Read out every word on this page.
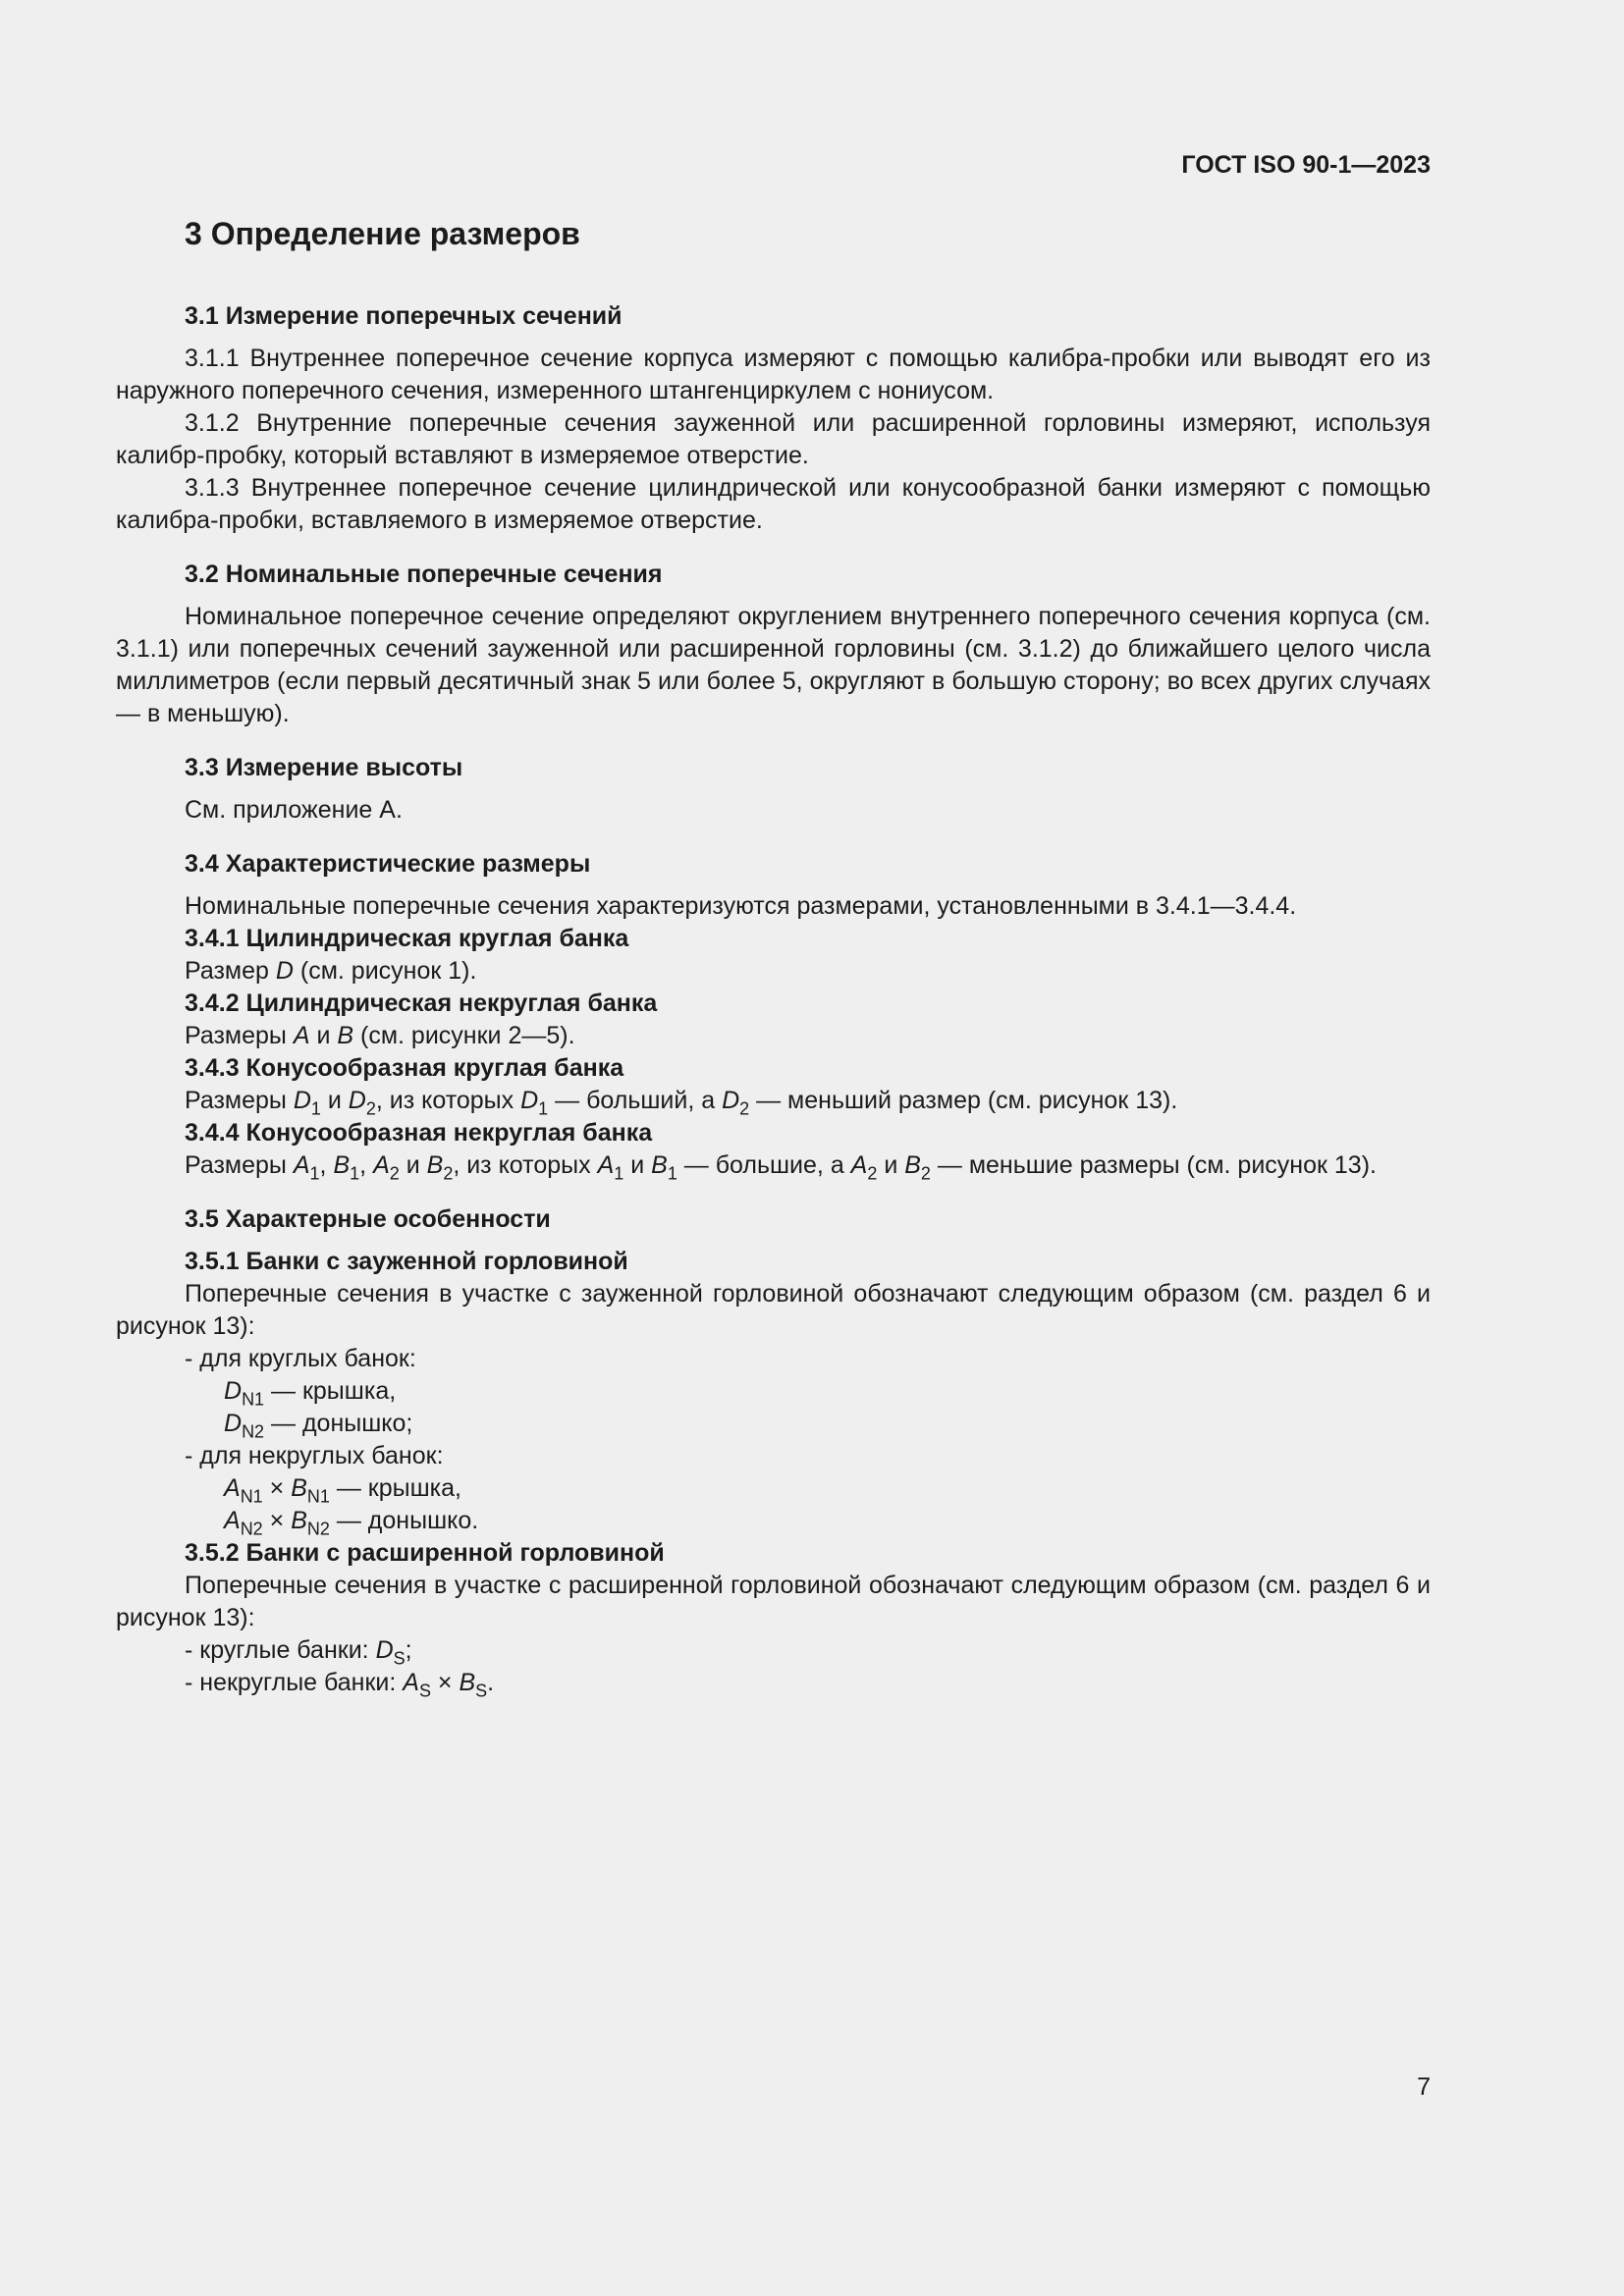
ГОСТ ISO 90-1—2023
3 Определение размеров
3.1 Измерение поперечных сечений

3.1.1 Внутреннее поперечное сечение корпуса измеряют с помощью калибра-пробки или выводят его из наружного поперечного сечения, измеренного штангенциркулем с нониусом.

3.1.2 Внутренние поперечные сечения зауженной или расширенной горловины измеряют, используя калибр-пробку, который вставляют в измеряемое отверстие.

3.1.3 Внутреннее поперечное сечение цилиндрической или конусообразной банки измеряют с помощью калибра-пробки, вставляемого в измеряемое отверстие.

3.2 Номинальные поперечные сечения

Номинальное поперечное сечение определяют округлением внутреннего поперечного сечения корпуса (см. 3.1.1) или поперечных сечений зауженной или расширенной горловины (см. 3.1.2) до ближайшего целого числа миллиметров (если первый десятичный знак 5 или более 5, округляют в большую сторону; во всех других случаях — в меньшую).

3.3 Измерение высоты

См. приложение А.

3.4 Характеристические размеры

Номинальные поперечные сечения характеризуются размерами, установленными в 3.4.1—3.4.4.

3.4.1 Цилиндрическая круглая банка
Размер D (см. рисунок 1).
3.4.2 Цилиндрическая некруглая банка
Размеры A и B (см. рисунки 2—5).
3.4.3 Конусообразная круглая банка
Размеры $D_1$ и $D_2$, из которых $D_1$ — больший, а $D_2$ — меньший размер (см. рисунок 13).
3.4.4 Конусообразная некруглая банка

Размеры $A_1$, $B_1$, $A_2$ и $B_2$, из которых $A_1$ и $B_1$ — большие, а $A_2$ и $B_2$ — меньшие размеры (см. рисунок 13).

3.5 Характерные особенности
3.5.1 Банки с зауженной горловиной

Поперечные сечения в участке с зауженной горловиной обозначают следующим образом (см. раздел 6 и рисунок 13):

- для круглых банок:
$D_{N1}$ — крышка,
$D_{N2}$ — донышко;
- для некруглых банок:
$A_{N1} \times B_{N1}$ — крышка,
$A_{N2} \times B_{N2}$ — донышко.
3.5.2 Банки с расширенной горловиной

Поперечные сечения в участке с расширенной горловиной обозначают следующим образом (см. раздел 6 и рисунок 13):

- круглые банки: $D_S$;
- некруглые банки: $A_S \times B_S$.
7
